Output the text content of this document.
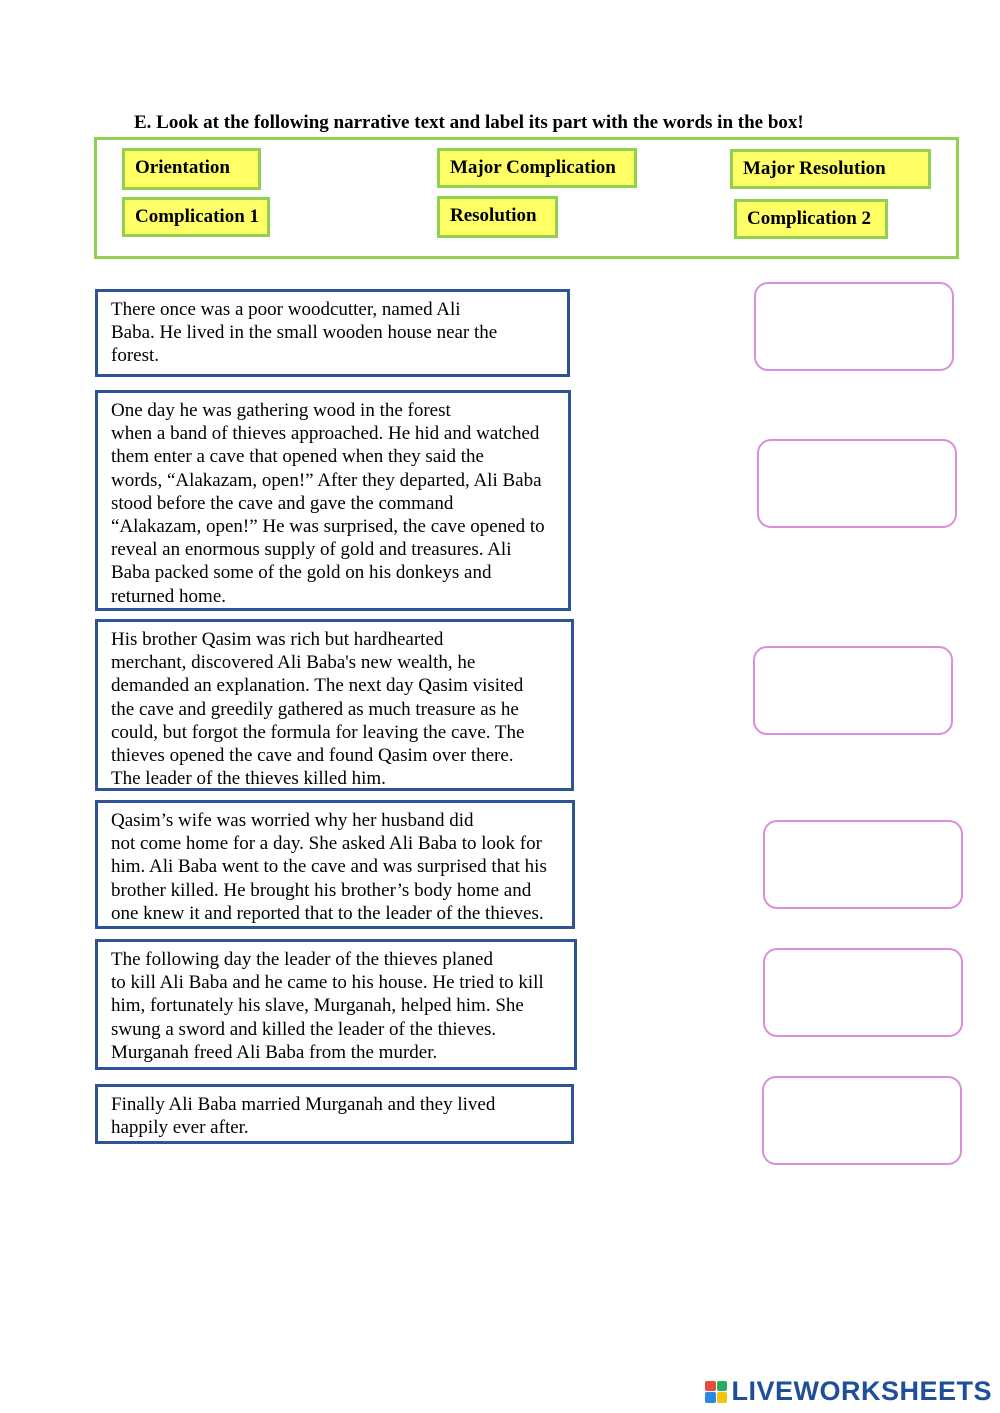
E. Look at the following narrative text and label its part with the words in the box!
Orientation	Major Complication	Major Resolution
Complication 1	Resolution	Complication 2
There once was a poor woodcutter, named Ali
Baba. He lived in the small wooden house near the
forest.
One day he was gathering wood in the forest
when a band of thieves approached. He hid and watched
them enter a cave that opened when they said the
words, “Alakazam, open!” After they departed, Ali Baba
stood before the cave and gave the command
“Alakazam, open!” He was surprised, the cave opened to
reveal an enormous supply of gold and treasures. Ali
Baba packed some of the gold on his donkeys and
returned home.
His brother Qasim was rich but hardhearted
merchant, discovered Ali Baba's new wealth, he
demanded an explanation. The next day Qasim visited
the cave and greedily gathered as much treasure as he
could, but forgot the formula for leaving the cave. The
thieves opened the cave and found Qasim over there.
The leader of the thieves killed him.
Qasim’s wife was worried why her husband did
not come home for a day. She asked Ali Baba to look for
him. Ali Baba went to the cave and was surprised that his
brother killed. He brought his brother’s body home and
one knew it and reported that to the leader of the thieves.
The following day the leader of the thieves planed
to kill Ali Baba and he came to his house. He tried to kill
him, fortunately his slave, Murganah, helped him. She
swung a sword and killed the leader of the thieves.
Murganah freed Ali Baba from the murder.
Finally Ali Baba married Murganah and they lived
happily ever after.
LIVEWORKSHEETS
